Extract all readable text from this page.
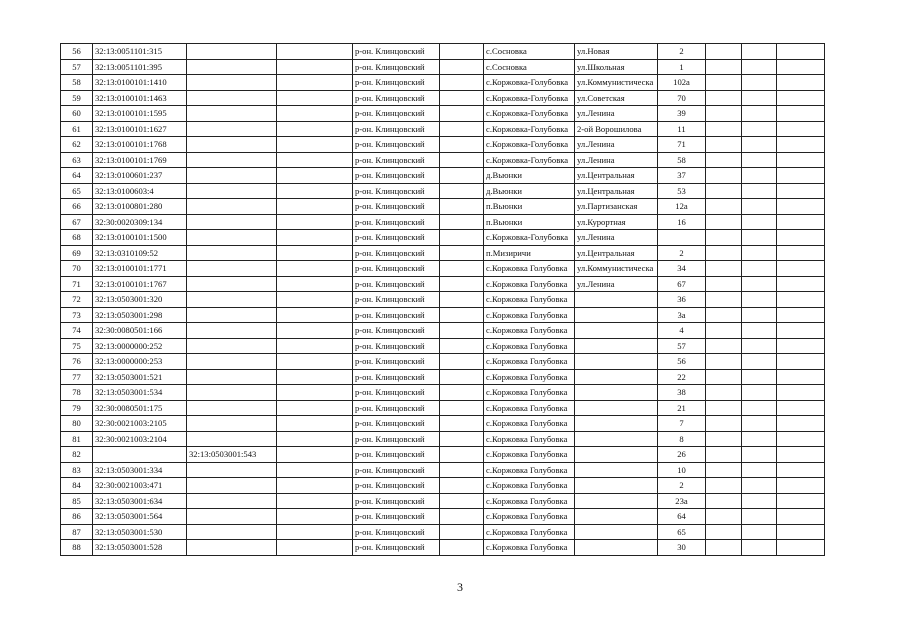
56	32:13:0051101:315			р-он. Клинцовский		с.Сосновка	ул.Новая	2			
57	32:13:0051101:395			р-он. Клинцовский		с.Сосновка	ул.Школьная	1			
58	32:13:0100101:1410			р-он. Клинцовский		с.Коржовка-Голубовка	ул.Коммунистическа	102а			
59	32:13:0100101:1463			р-он. Клинцовский		с.Коржовка-Голубовка	ул.Советская	70			
60	32:13:0100101:1595			р-он. Клинцовский		с.Коржовка-Голубовка	ул.Ленина	39			
61	32:13:0100101:1627			р-он. Клинцовский		с.Коржовка-Голубовка	2-ой Ворошилова	11			
62	32:13:0100101:1768			р-он. Клинцовский		с.Коржовка-Голубовка	ул.Ленина	71			
63	32:13:0100101:1769			р-он. Клинцовский		с.Коржовка-Голубовка	ул.Ленина	58			
64	32:13:0100601:237			р-он. Клинцовский		д.Вьюнки	ул.Центральная	37			
65	32:13:0100603:4			р-он. Клинцовский		д.Вьюнки	ул.Центральная	53			
66	32:13:0100801:280			р-он. Клинцовский		п.Вьюнки	ул.Партизанская	12а			
67	32:30:0020309:134			р-он. Клинцовский		п.Вьюнки	ул.Курортная	16			
68	32:13:0100101:1500			р-он. Клинцовский		с.Коржовка-Голубовка	ул.Ленина				
69	32:13:0310109:52			р-он. Клинцовский		п.Мизиричи	ул.Центральная	2			
70	32:13:0100101:1771			р-он. Клинцовский		с.Коржовка Голубовка	ул.Коммунистическа	34			
71	32:13:0100101:1767			р-он. Клинцовский		с.Коржовка Голубовка	ул.Ленина	67			
72	32:13:0503001:320			р-он. Клинцовский		с.Коржовка Голубовка		36			
73	32:13:0503001:298			р-он. Клинцовский		с.Коржовка Голубовка		3а			
74	32:30:0080501:166			р-он. Клинцовский		с.Коржовка Голубовка		4			
75	32:13:0000000:252			р-он. Клинцовский		с.Коржовка Голубовка		57			
76	32:13:0000000:253			р-он. Клинцовский		с.Коржовка Голубовка		56			
77	32:13:0503001:521			р-он. Клинцовский		с.Коржовка Голубовка		22			
78	32:13:0503001:534			р-он. Клинцовский		с.Коржовка Голубовка		38			
79	32:30:0080501:175			р-он. Клинцовский		с.Коржовка Голубовка		21			
80	32:30:0021003:2105			р-он. Клинцовский		с.Коржовка Голубовка		7			
81	32:30:0021003:2104			р-он. Клинцовский		с.Коржовка Голубовка		8			
82		32:13:0503001:543		р-он. Клинцовский		с.Коржовка Голубовка		26			
83	32:13:0503001:334			р-он. Клинцовский		с.Коржовка Голубовка		10			
84	32:30:0021003:471			р-он. Клинцовский		с.Коржовка Голубовка		2			
85	32:13:0503001:634			р-он. Клинцовский		с.Коржовка Голубовка		23а			
86	32:13:0503001:564			р-он. Клинцовский		с.Коржовка Голубовка		64			
87	32:13:0503001:530			р-он. Клинцовский		с.Коржовка Голубовка		65			
88	32:13:0503001:528			р-он. Клинцовский		с.Коржовка Голубовка		30			
3
